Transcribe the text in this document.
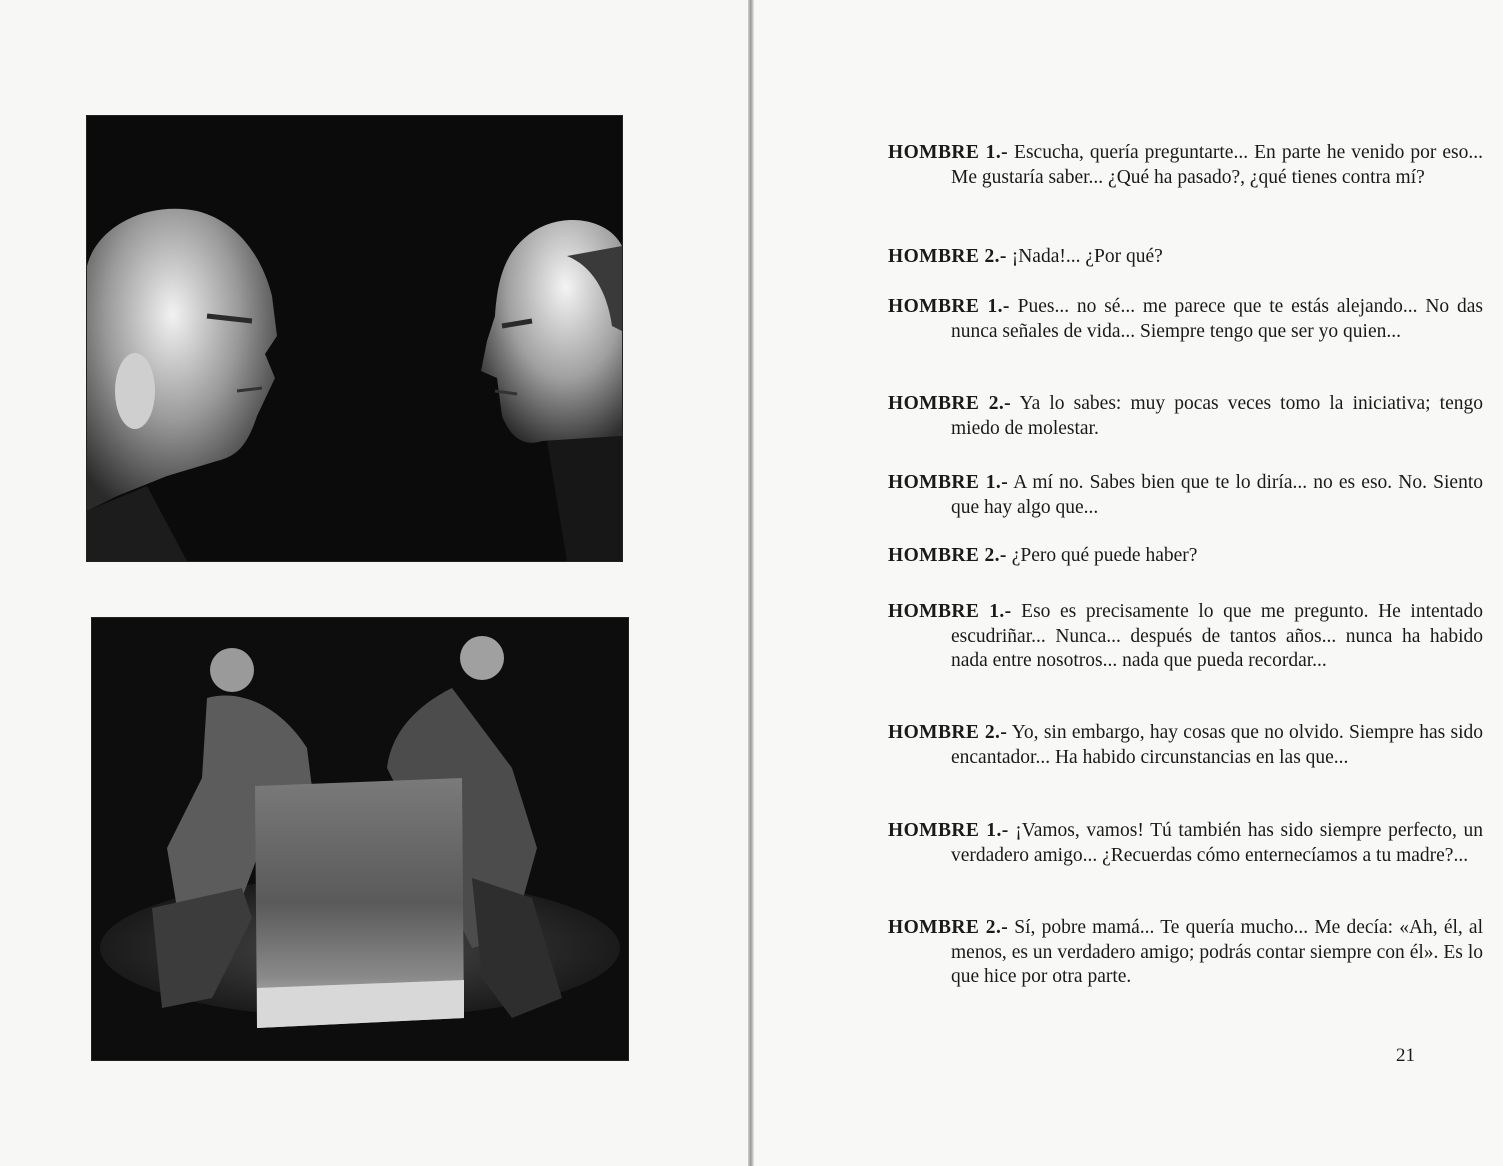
HOMBRE 1.- Escucha, quería preguntarte... En parte he venido por eso... Me gustaría saber... ¿Qué ha pasado?, ¿qué tienes contra mí?

HOMBRE 2.- ¡Nada!... ¿Por qué?

HOMBRE 1.- Pues... no sé... me parece que te estás alejando... No das nunca señales de vida... Siempre tengo que ser yo quien...

HOMBRE 2.- Ya lo sabes: muy pocas veces tomo la iniciativa; tengo miedo de molestar.

HOMBRE 1.- A mí no. Sabes bien que te lo diría... no es eso. No. Siento que hay algo que...

HOMBRE 2.- ¿Pero qué puede haber?

HOMBRE 1.- Eso es precisamente lo que me pregunto. He intentado escudriñar... Nunca... después de tantos años... nunca ha habido nada entre nosotros... nada que pueda recordar...

HOMBRE 2.- Yo, sin embargo, hay cosas que no olvido. Siempre has sido encantador... Ha habido circunstancias en las que...

HOMBRE 1.- ¡Vamos, vamos! Tú también has sido siempre perfecto, un verdadero amigo... ¿Recuerdas cómo enternecíamos a tu madre?...

HOMBRE 2.- Sí, pobre mamá... Te quería mucho... Me decía: «Ah, él, al menos, es un verdadero amigo; podrás contar siempre con él». Es lo que hice por otra parte.

21
